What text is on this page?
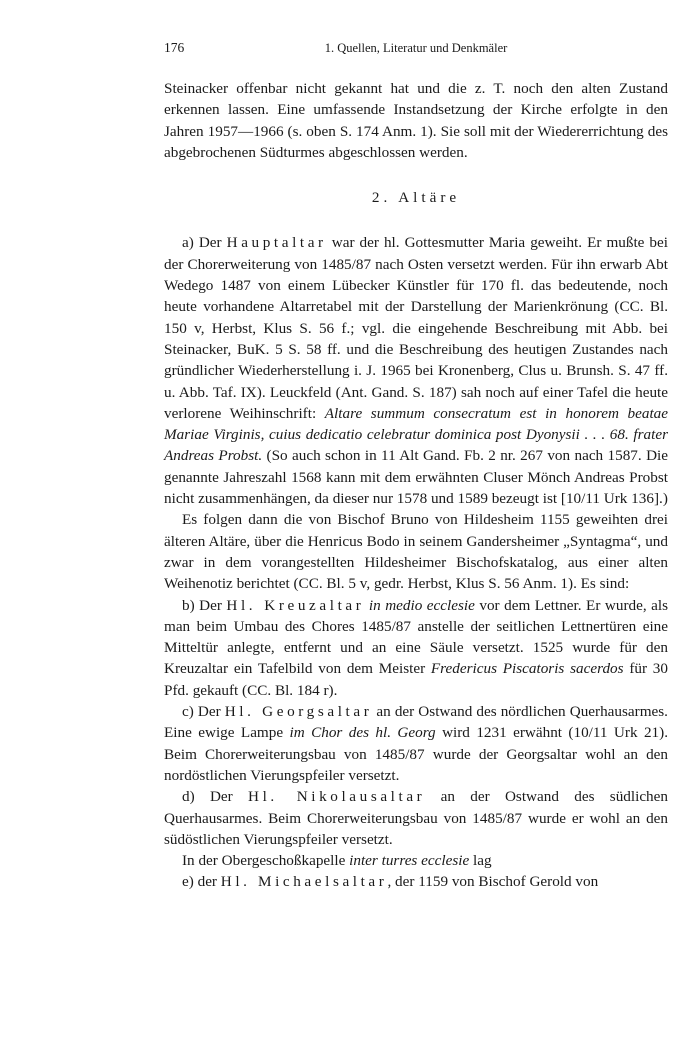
176	1. Quellen, Literatur und Denkmäler

Steinacker offenbar nicht gekannt hat und die z. T. noch den alten Zustand erkennen lassen. Eine umfassende Instandsetzung der Kirche erfolgte in den Jahren 1957—1966 (s. oben S. 174 Anm. 1). Sie soll mit der Wiedererrichtung des abgebrochenen Südturmes abgeschlossen werden.

2. Altäre

a) Der Hauptaltar war der hl. Gottesmutter Maria geweiht. Er mußte bei der Chorerweiterung von 1485/87 nach Osten versetzt werden. Für ihn erwarb Abt Wedego 1487 von einem Lübecker Künstler für 170 fl. das bedeutende, noch heute vorhandene Altarretabel mit der Darstellung der Marienkrönung (CC. Bl. 150 v, Herbst, Klus S. 56 f.; vgl. die eingehende Beschreibung mit Abb. bei Steinacker, BuK. 5 S. 58 ff. und die Beschreibung des heutigen Zustandes nach gründlicher Wiederherstellung i. J. 1965 bei Kronenberg, Clus u. Brunsh. S. 47 ff. u. Abb. Taf. IX). Leuckfeld (Ant. Gand. S. 187) sah noch auf einer Tafel die heute verlorene Weihinschrift: Altare summum consecratum est in honorem beatae Mariae Virginis, cuius dedicatio celebratur dominica post Dyonysii . . . 68. frater Andreas Probst. (So auch schon in 11 Alt Gand. Fb. 2 nr. 267 von nach 1587. Die genannte Jahreszahl 1568 kann mit dem erwähnten Cluser Mönch Andreas Probst nicht zusammenhängen, da dieser nur 1578 und 1589 bezeugt ist [10/11 Urk 136].)

Es folgen dann die von Bischof Bruno von Hildesheim 1155 geweihten drei älteren Altäre, über die Henricus Bodo in seinem Gandersheimer „Syntagma“, und zwar in dem vorangestellten Hildesheimer Bischofskatalog, aus einer alten Weihenotiz berichtet (CC. Bl. 5 v, gedr. Herbst, Klus S. 56 Anm. 1). Es sind:

b) Der Hl. Kreuzaltar in medio ecclesie vor dem Lettner. Er wurde, als man beim Umbau des Chores 1485/87 anstelle der seitlichen Lettnertüren eine Mitteltür anlegte, entfernt und an eine Säule versetzt. 1525 wurde für den Kreuzaltar ein Tafelbild von dem Meister Fredericus Piscatoris sacerdos für 30 Pfd. gekauft (CC. Bl. 184 r).

c) Der Hl. Georgsaltar an der Ostwand des nördlichen Querhausarmes. Eine ewige Lampe im Chor des hl. Georg wird 1231 erwähnt (10/11 Urk 21). Beim Chorerweiterungsbau von 1485/87 wurde der Georgsaltar wohl an den nordöstlichen Vierungspfeiler versetzt.

d) Der Hl. Nikolausaltar an der Ostwand des südlichen Querhausarmes. Beim Chorerweiterungsbau von 1485/87 wurde er wohl an den südöstlichen Vierungspfeiler versetzt.

In der Obergeschoßkapelle inter turres ecclesie lag

e) der Hl. Michaelsaltar, der 1159 von Bischof Gerold von
